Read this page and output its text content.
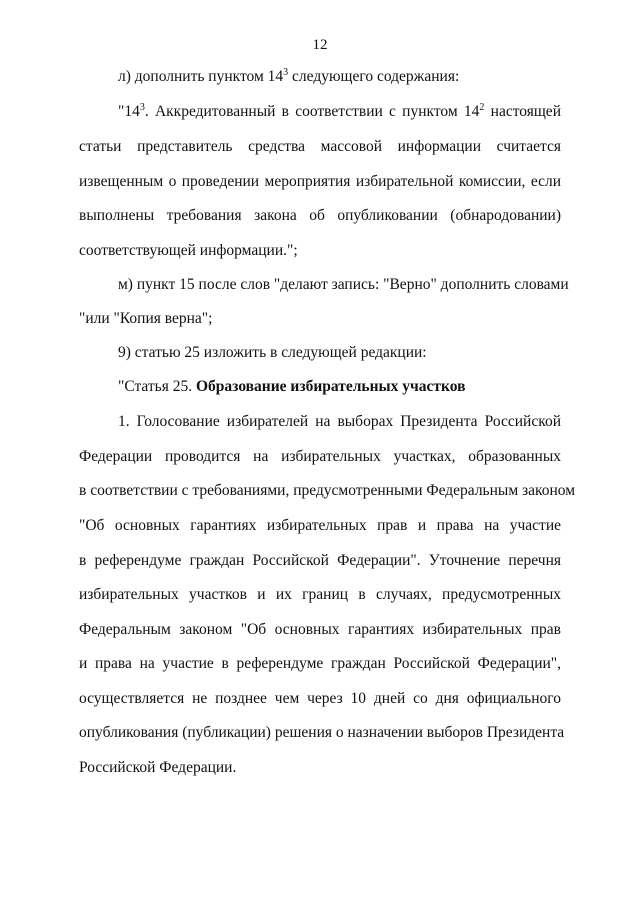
12
л) дополнить пунктом $14^3$ следующего содержания:
"$14^3$. Аккредитованный в соответствии с пунктом $14^2$ настоящей
статьи представитель средства массовой информации считается
извещенным о проведении мероприятия избирательной комиссии, если
выполнены требования закона об опубликовании (обнародовании)
соответствующей информации.";
м) пункт 15 после слов "делают запись: "Верно" дополнить словами
"или "Копия верна";
9) статью 25 изложить в следующей редакции:
"Статья 25. Образование избирательных участков
1. Голосование избирателей на выборах Президента Российской
Федерации проводится на избирательных участках, образованных
в соответствии с требованиями, предусмотренными Федеральным законом
"Об основных гарантиях избирательных прав и права на участие
в референдуме граждан Российской Федерации". Уточнение перечня
избирательных участков и их границ в случаях, предусмотренных
Федеральным законом "Об основных гарантиях избирательных прав
и права на участие в референдуме граждан Российской Федерации",
осуществляется не позднее чем через 10 дней со дня официального
опубликования (публикации) решения о назначении выборов Президента
Российской Федерации.
